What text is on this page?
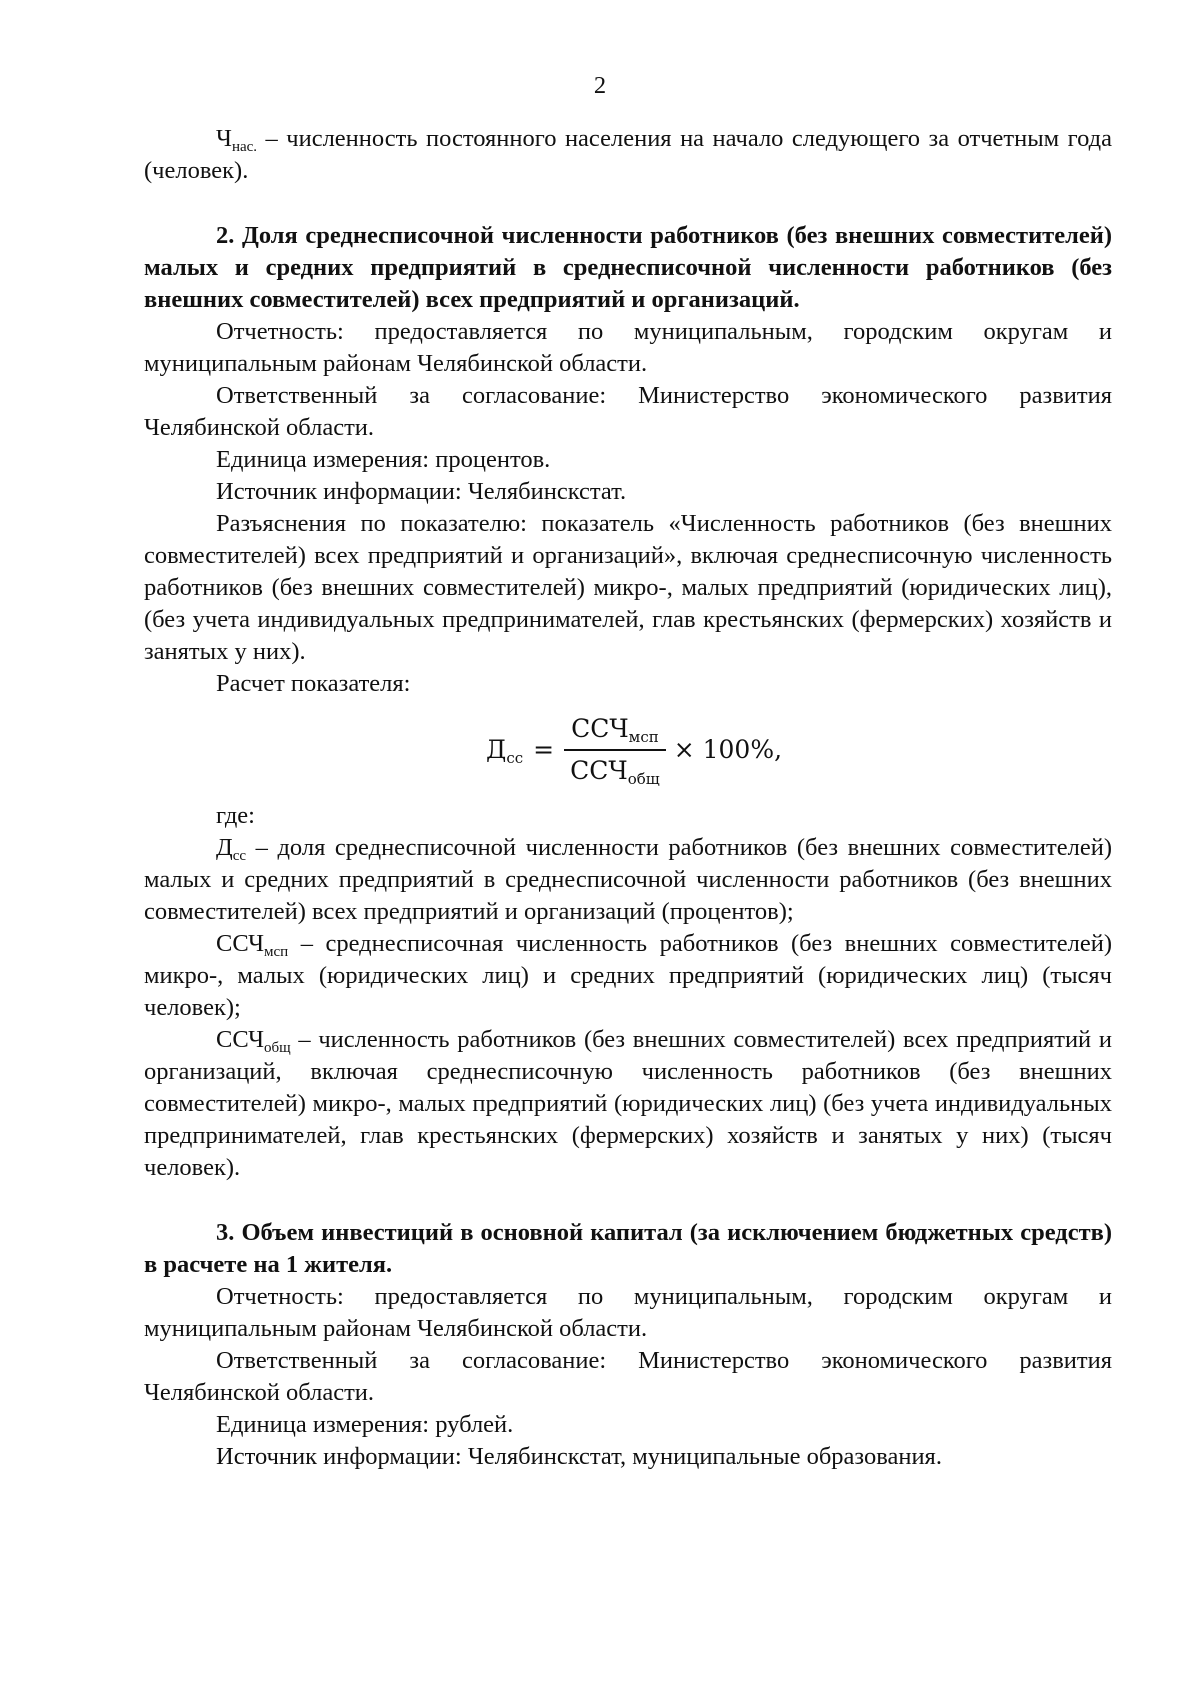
2

$Ч_{нас.}$ – численность постоянного населения на начало следующего за отчетным года (человек).

2. Доля среднесписочной численности работников (без внешних совместителей) малых и средних предприятий в среднесписочной численности работников (без внешних совместителей) всех предприятий и организаций.

Отчетность: предоставляется по муниципальным, городским округам и муниципальным районам Челябинской области.

Ответственный за согласование: Министерство экономического развития Челябинской области.

Единица измерения: процентов.

Источник информации: Челябинскстат.

Разъяснения по показателю: показатель «Численность работников (без внешних совместителей) всех предприятий и организаций», включая среднесписочную численность работников (без внешних совместителей) микро-, малых предприятий (юридических лиц), (без учета индивидуальных предпринимателей, глав крестьянских (фермерских) хозяйств и занятых у них).

Расчет показателя:

$Д_{сс} = \frac{ССЧ_{мсп}}{ССЧ_{общ}} \times 100\%$,

где:

$Д_{сс}$ – доля среднесписочной численности работников (без внешних совместителей) малых и средних предприятий в среднесписочной численности работников (без внешних совместителей) всех предприятий и организаций (процентов);

$ССЧ_{мсп}$ – среднесписочная численность работников (без внешних совместителей) микро-, малых (юридических лиц) и средних предприятий (юридических лиц) (тысяч человек);

$ССЧ_{общ}$ – численность работников (без внешних совместителей) всех предприятий и организаций, включая среднесписочную численность работников (без внешних совместителей) микро-, малых предприятий (юридических лиц) (без учета индивидуальных предпринимателей, глав крестьянских (фермерских) хозяйств и занятых у них) (тысяч человек).

3. Объем инвестиций в основной капитал (за исключением бюджетных средств) в расчете на 1 жителя.

Отчетность: предоставляется по муниципальным, городским округам и муниципальным районам Челябинской области.

Ответственный за согласование: Министерство экономического развития Челябинской области.

Единица измерения: рублей.

Источник информации: Челябинскстат, муниципальные образования.
